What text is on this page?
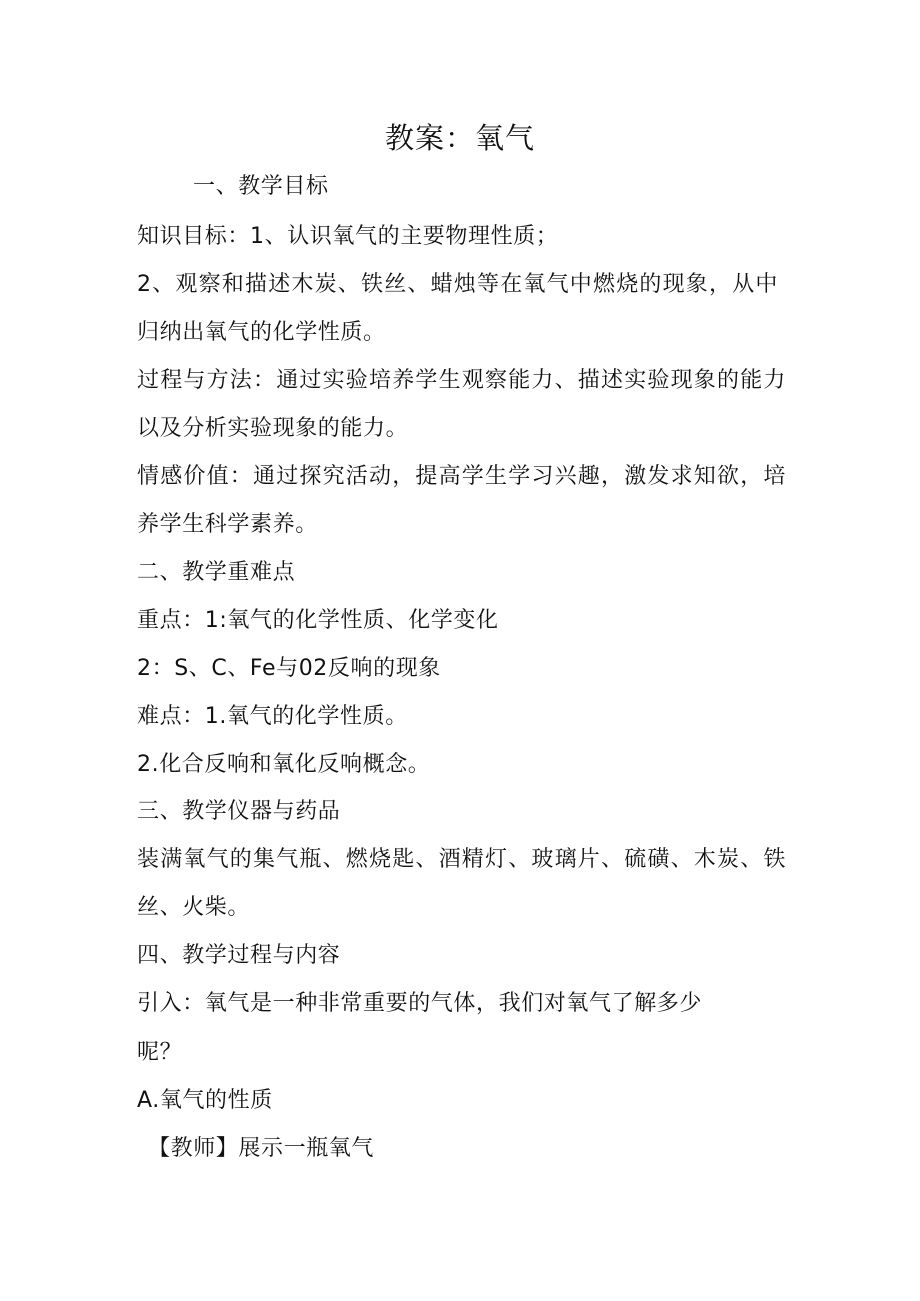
教案：氧气
一、教学目标
知识目标：1、认识氧气的主要物理性质；
2、观察和描述木炭、铁丝、蜡烛等在氧气中燃烧的现象，从中
归纳出氧气的化学性质。
过程与方法：通过实验培养学生观察能力、描述实验现象的能力
以及分析实验现象的能力。
情感价值：通过探究活动，提高学生学习兴趣，激发求知欲，培
养学生科学素养。
二、教学重难点
重点：1:氧气的化学性质、化学变化
2：S、C、Fe与02反响的现象
难点：1.氧气的化学性质。
2.化合反响和氧化反响概念。
三、教学仪器与药品
装满氧气的集气瓶、燃烧匙、酒精灯、玻璃片、硫磺、木炭、铁
丝、火柴。
四、教学过程与内容
引入：氧气是一种非常重要的气体，我们对氧气了解多少
呢？
A.氧气的性质
【教师】展示一瓶氧气
